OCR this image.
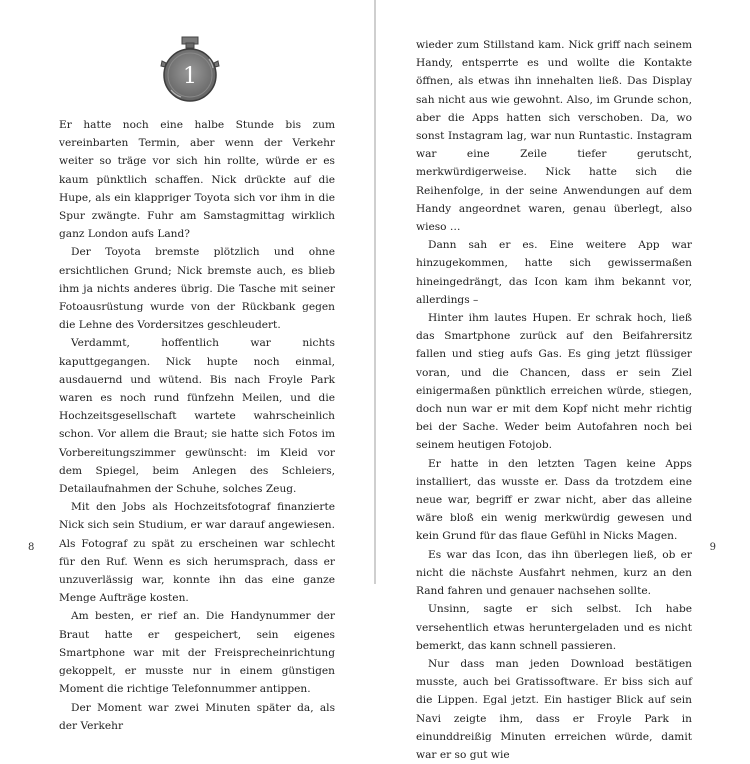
1

Er hatte noch eine halbe Stunde bis zum vereinbarten Termin, aber wenn der Verkehr weiter so träge vor sich hin rollte, würde er es kaum pünktlich schaffen. Nick drückte auf die Hupe, als ein klappriger Toyota sich vor ihm in die Spur zwängte. Fuhr am Samstagmittag wirklich ganz London aufs Land?

Der Toyota bremste plötzlich und ohne ersichtlichen Grund; Nick bremste auch, es blieb ihm ja nichts anderes übrig. Die Tasche mit seiner Fotoausrüstung wurde von der Rückbank gegen die Lehne des Vordersitzes geschleudert.

Verdammt, hoffentlich war nichts kaputtgegangen. Nick hupte noch einmal, ausdauernd und wütend. Bis nach Froyle Park waren es noch rund fünfzehn Meilen, und die Hochzeitsgesellschaft wartete wahrscheinlich schon. Vor allem die Braut; sie hatte sich Fotos im Vorbereitungszimmer gewünscht: im Kleid vor dem Spiegel, beim Anlegen des Schleiers, Detailaufnahmen der Schuhe, solches Zeug.

Mit den Jobs als Hochzeitsfotograf finanzierte Nick sich sein Studium, er war darauf angewiesen. Als Fotograf zu spät zu erscheinen war schlecht für den Ruf. Wenn es sich herumsprach, dass er unzuverlässig war, konnte ihn das eine ganze Menge Aufträge kosten.

Am besten, er rief an. Die Handynummer der Braut hatte er gespeichert, sein eigenes Smartphone war mit der Freisprecheinrichtung gekoppelt, er musste nur in einem günstigen Moment die richtige Telefonnummer antippen.

Der Moment war zwei Minuten später da, als der Verkehr

8

wieder zum Stillstand kam. Nick griff nach seinem Handy, entsperrte es und wollte die Kontakte öffnen, als etwas ihn innehalten ließ. Das Display sah nicht aus wie gewohnt. Also, im Grunde schon, aber die Apps hatten sich verschoben. Da, wo sonst Instagram lag, war nun Runtastic. Instagram war eine Zeile tiefer gerutscht, merkwürdigerweise. Nick hatte sich die Reihenfolge, in der seine Anwendungen auf dem Handy angeordnet waren, genau überlegt, also wieso …

Dann sah er es. Eine weitere App war hinzugekommen, hatte sich gewissermaßen hineingedrängt, das Icon kam ihm bekannt vor, allerdings –

Hinter ihm lautes Hupen. Er schrak hoch, ließ das Smartphone zurück auf den Beifahrersitz fallen und stieg aufs Gas. Es ging jetzt flüssiger voran, und die Chancen, dass er sein Ziel einigermaßen pünktlich erreichen würde, stiegen, doch nun war er mit dem Kopf nicht mehr richtig bei der Sache. Weder beim Autofahren noch bei seinem heutigen Fotojob.

Er hatte in den letzten Tagen keine Apps installiert, das wusste er. Dass da trotzdem eine neue war, begriff er zwar nicht, aber das alleine wäre bloß ein wenig merkwürdig gewesen und kein Grund für das flaue Gefühl in Nicks Magen.

Es war das Icon, das ihn überlegen ließ, ob er nicht die nächste Ausfahrt nehmen, kurz an den Rand fahren und genauer nachsehen sollte.

Unsinn, sagte er sich selbst. Ich habe versehentlich etwas heruntergeladen und es nicht bemerkt, das kann schnell passieren.

Nur dass man jeden Download bestätigen musste, auch bei Gratissoftware. Er biss sich auf die Lippen. Egal jetzt. Ein hastiger Blick auf sein Navi zeigte ihm, dass er Froyle Park in einunddreißig Minuten erreichen würde, damit war er so gut wie

9
